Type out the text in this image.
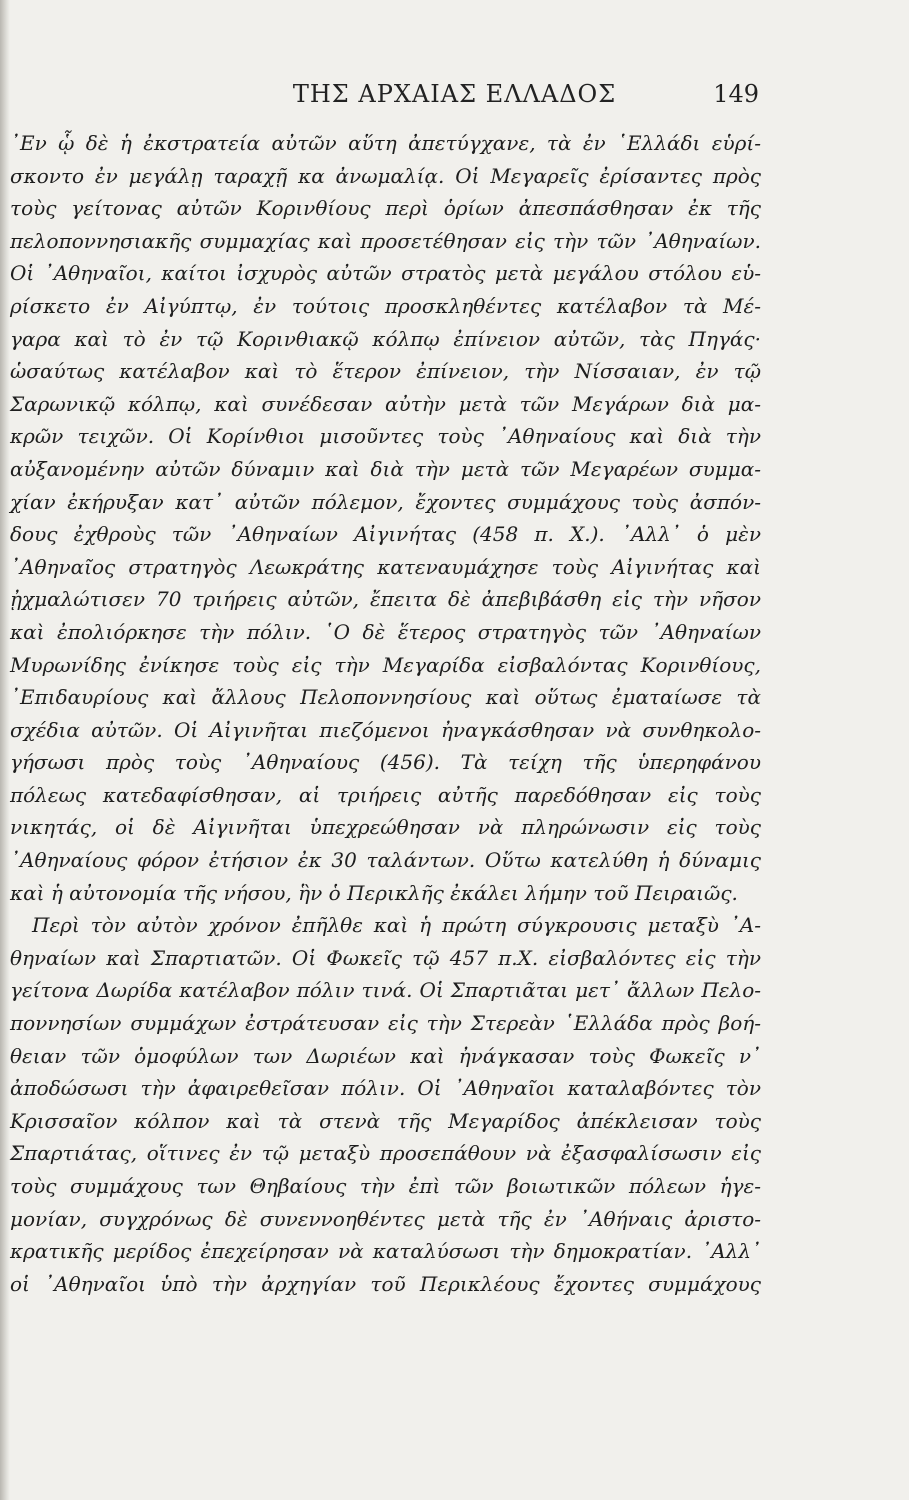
ΤΗΣ ΑΡΧΑΙΑΣ ΕΛΛΑΔΟΣ	149
᾿Εν ᾧ δὲ ἡ ἐκστρατεία αὐτῶν αὕτη ἀπετύγχανε, τὰ ἐν ῾Ελλάδι εὑρί-
σκοντο ἐν μεγάλῃ ταραχῇ κα ἀνωμαλίᾳ. Οἱ Μεγαρεῖς ἐρίσαντες πρὸς
τοὺς γείτονας αὐτῶν Κορινθίους περὶ ὁρίων ἀπεσπάσθησαν ἐκ τῆς
πελοποννησιακῆς συμμαχίας καὶ προσετέθησαν εἰς τὴν τῶν ᾿Αθηναίων.
Οἱ ᾿Αθηναῖοι, καίτοι ἰσχυρὸς αὐτῶν στρατὸς μετὰ μεγάλου στόλου εὑ-
ρίσκετο ἐν Αἰγύπτῳ, ἐν τούτοις προσκληθέντες κατέλαβον τὰ Μέ-
γαρα καὶ τὸ ἐν τῷ Κορινθιακῷ κόλπῳ ἐπίνειον αὐτῶν, τὰς Πηγάς·
ὡσαύτως κατέλαβον καὶ τὸ ἕτερον ἐπίνειον, τὴν Νίσσαιαν, ἐν τῷ
Σαρωνικῷ κόλπῳ, καὶ συνέδεσαν αὐτὴν μετὰ τῶν Μεγάρων διὰ μα-
κρῶν τειχῶν. Οἱ Κορίνθιοι μισοῦντες τοὺς ᾿Αθηναίους καὶ διὰ τὴν
αὐξανομένην αὐτῶν δύναμιν καὶ διὰ τὴν μετὰ τῶν Μεγαρέων συμμα-
χίαν ἐκήρυξαν κατ᾿ αὐτῶν πόλεμον, ἔχοντες συμμάχους τοὺς ἀσπόν-
δους ἐχθροὺς τῶν ᾿Αθηναίων Αἰγινήτας (458 π. Χ.). ᾿Αλλ᾿ ὁ μὲν
᾿Αθηναῖος στρατηγὸς Λεωκράτης κατεναυμάχησε τοὺς Αἰγινήτας καὶ
ᾐχμαλώτισεν 70 τριήρεις αὐτῶν, ἔπειτα δὲ ἀπεβιβάσθη εἰς τὴν νῆσον
καὶ ἐπολιόρκησε τὴν πόλιν. ῾Ο δὲ ἕτερος στρατηγὸς τῶν ᾿Αθηναίων
Μυρωνίδης ἐνίκησε τοὺς εἰς τὴν Μεγαρίδα εἰσβαλόντας Κορινθίους,
᾿Επιδαυρίους καὶ ἄλλους Πελοποννησίους καὶ οὕτως ἐματαίωσε τὰ
σχέδια αὐτῶν. Οἱ Αἰγινῆται πιεζόμενοι ἠναγκάσθησαν νὰ συνθηκολο-
γήσωσι πρὸς τοὺς ᾿Αθηναίους (456). Τὰ τείχη τῆς ὑπερηφάνου
πόλεως κατεδαφίσθησαν, αἱ τριήρεις αὐτῆς παρεδόθησαν εἰς τοὺς
νικητάς, οἱ δὲ Αἰγινῆται ὑπεχρεώθησαν νὰ πληρώνωσιν εἰς τοὺς
᾿Αθηναίους φόρον ἐτήσιον ἐκ 30 ταλάντων. Οὕτω κατελύθη ἡ δύναμις
καὶ ἡ αὐτονομία τῆς νήσου, ἣν ὁ Περικλῆς ἐκάλει λήμην τοῦ Πειραιῶς.
Περὶ τὸν αὐτὸν χρόνον ἐπῆλθε καὶ ἡ πρώτη σύγκρουσις μεταξὺ ᾿Α-
θηναίων καὶ Σπαρτιατῶν. Οἱ Φωκεῖς τῷ 457 π.Χ. εἰσβαλόντες εἰς τὴν
γείτονα Δωρίδα κατέλαβον πόλιν τινά. Οἱ Σπαρτιᾶται μετ᾿ ἄλλων Πελο-
ποννησίων συμμάχων ἐστράτευσαν εἰς τὴν Στερεὰν ῾Ελλάδα πρὸς βοή-
θειαν τῶν ὁμοφύλων των Δωριέων καὶ ἠνάγκασαν τοὺς Φωκεῖς ν᾿
ἀποδώσωσι τὴν ἀφαιρεθεῖσαν πόλιν. Οἱ ᾿Αθηναῖοι καταλαβόντες τὸν
Κρισσαῖον κόλπον καὶ τὰ στενὰ τῆς Μεγαρίδος ἀπέκλεισαν τοὺς
Σπαρτιάτας, οἵτινες ἐν τῷ μεταξὺ προσεπάθουν νὰ ἐξασφαλίσωσιν εἰς
τοὺς συμμάχους των Θηβαίους τὴν ἐπὶ τῶν βοιωτικῶν πόλεων ἡγε-
μονίαν, συγχρόνως δὲ συνεννοηθέντες μετὰ τῆς ἐν ᾿Αθήναις ἀριστο-
κρατικῆς μερίδος ἐπεχείρησαν νὰ καταλύσωσι τὴν δημοκρατίαν. ᾿Αλλ᾿
οἱ ᾿Αθηναῖοι ὑπὸ τὴν ἀρχηγίαν τοῦ Περικλέους ἔχοντες συμμάχους
